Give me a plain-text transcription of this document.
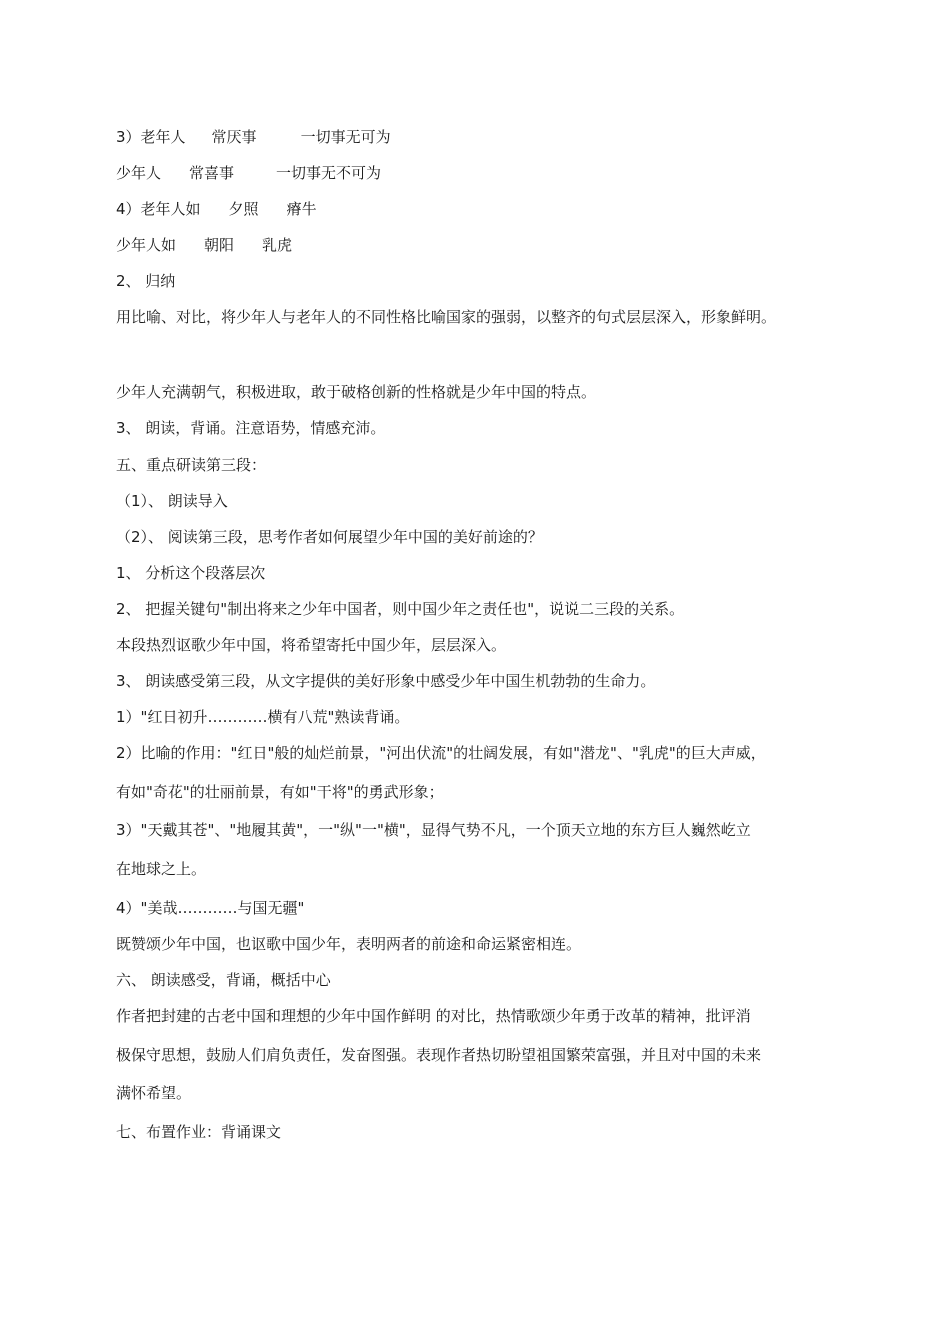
3）老年人 常厌事	一切事无可为
少年人 常喜事	一切事无不可为
4）老年人如 夕照 瘠牛
少年人如 朝阳 乳虎
2、 归纳
用比喻、对比，将少年人与老年人的不同性格比喻国家的强弱，以整齐的句式层层深入，形象鲜明。
少年人充满朝气，积极进取，敢于破格创新的性格就是少年中国的特点。
3、 朗读，背诵。注意语势，情感充沛。
五、重点研读第三段：
（1）、 朗读导入
（2）、 阅读第三段，思考作者如何展望少年中国的美好前途的？
1、 分析这个段落层次
2、 把握关键句"制出将来之少年中国者，则中国少年之责任也"，说说二三段的关系。
本段热烈讴歌少年中国，将希望寄托中国少年，层层深入。
3、 朗读感受第三段，从文字提供的美好形象中感受少年中国生机勃勃的生命力。
1）"红日初升…………横有八荒"熟读背诵。
2）比喻的作用："红日"般的灿烂前景，"河出伏流"的壮阔发展，有如"潜龙"、"乳虎"的巨大声威，
有如"奇花"的壮丽前景，有如"干将"的勇武形象；
3）"天戴其苍"、"地履其黄"，一"纵"一"横"，显得气势不凡，一个顶天立地的东方巨人巍然屹立
在地球之上。
4）"美哉…………与国无疆"
既赞颂少年中国，也讴歌中国少年，表明两者的前途和命运紧密相连。
六、 朗读感受，背诵，概括中心
作者把封建的古老中国和理想的少年中国作鲜明 的对比，热情歌颂少年勇于改革的精神，批评消
极保守思想，鼓励人们肩负责任，发奋图强。表现作者热切盼望祖国繁荣富强，并且对中国的未来
满怀希望。
七、布置作业：背诵课文
